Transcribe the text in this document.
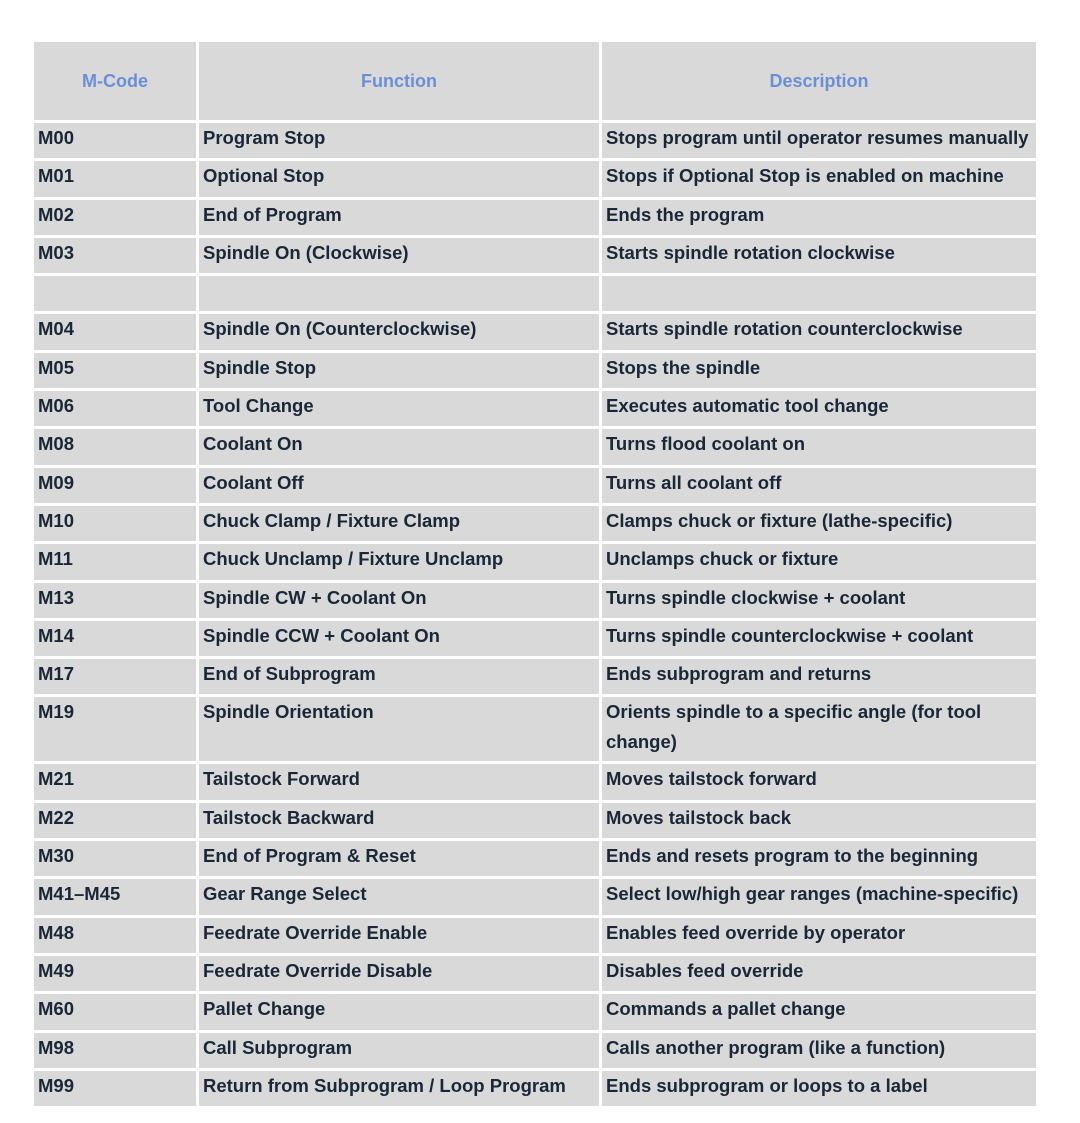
M-Code	Function	Description
M00	Program Stop	Stops program until operator resumes manually
M01	Optional Stop	Stops if Optional Stop is enabled on machine
M02	End of Program	Ends the program
M03	Spindle On (Clockwise)	Starts spindle rotation clockwise

M04	Spindle On (Counterclockwise)	Starts spindle rotation counterclockwise
M05	Spindle Stop	Stops the spindle
M06	Tool Change	Executes automatic tool change
M08	Coolant On	Turns flood coolant on
M09	Coolant Off	Turns all coolant off
M10	Chuck Clamp / Fixture Clamp	Clamps chuck or fixture (lathe-specific)
M11	Chuck Unclamp / Fixture Unclamp	Unclamps chuck or fixture
M13	Spindle CW + Coolant On	Turns spindle clockwise + coolant
M14	Spindle CCW + Coolant On	Turns spindle counterclockwise + coolant
M17	End of Subprogram	Ends subprogram and returns
M19	Spindle Orientation	Orients spindle to a specific angle (for tool change)
M21	Tailstock Forward	Moves tailstock forward
M22	Tailstock Backward	Moves tailstock back
M30	End of Program & Reset	Ends and resets program to the beginning
M41–M45	Gear Range Select	Select low/high gear ranges (machine-specific)
M48	Feedrate Override Enable	Enables feed override by operator
M49	Feedrate Override Disable	Disables feed override
M60	Pallet Change	Commands a pallet change
M98	Call Subprogram	Calls another program (like a function)
M99	Return from Subprogram / Loop Program	Ends subprogram or loops to a label
